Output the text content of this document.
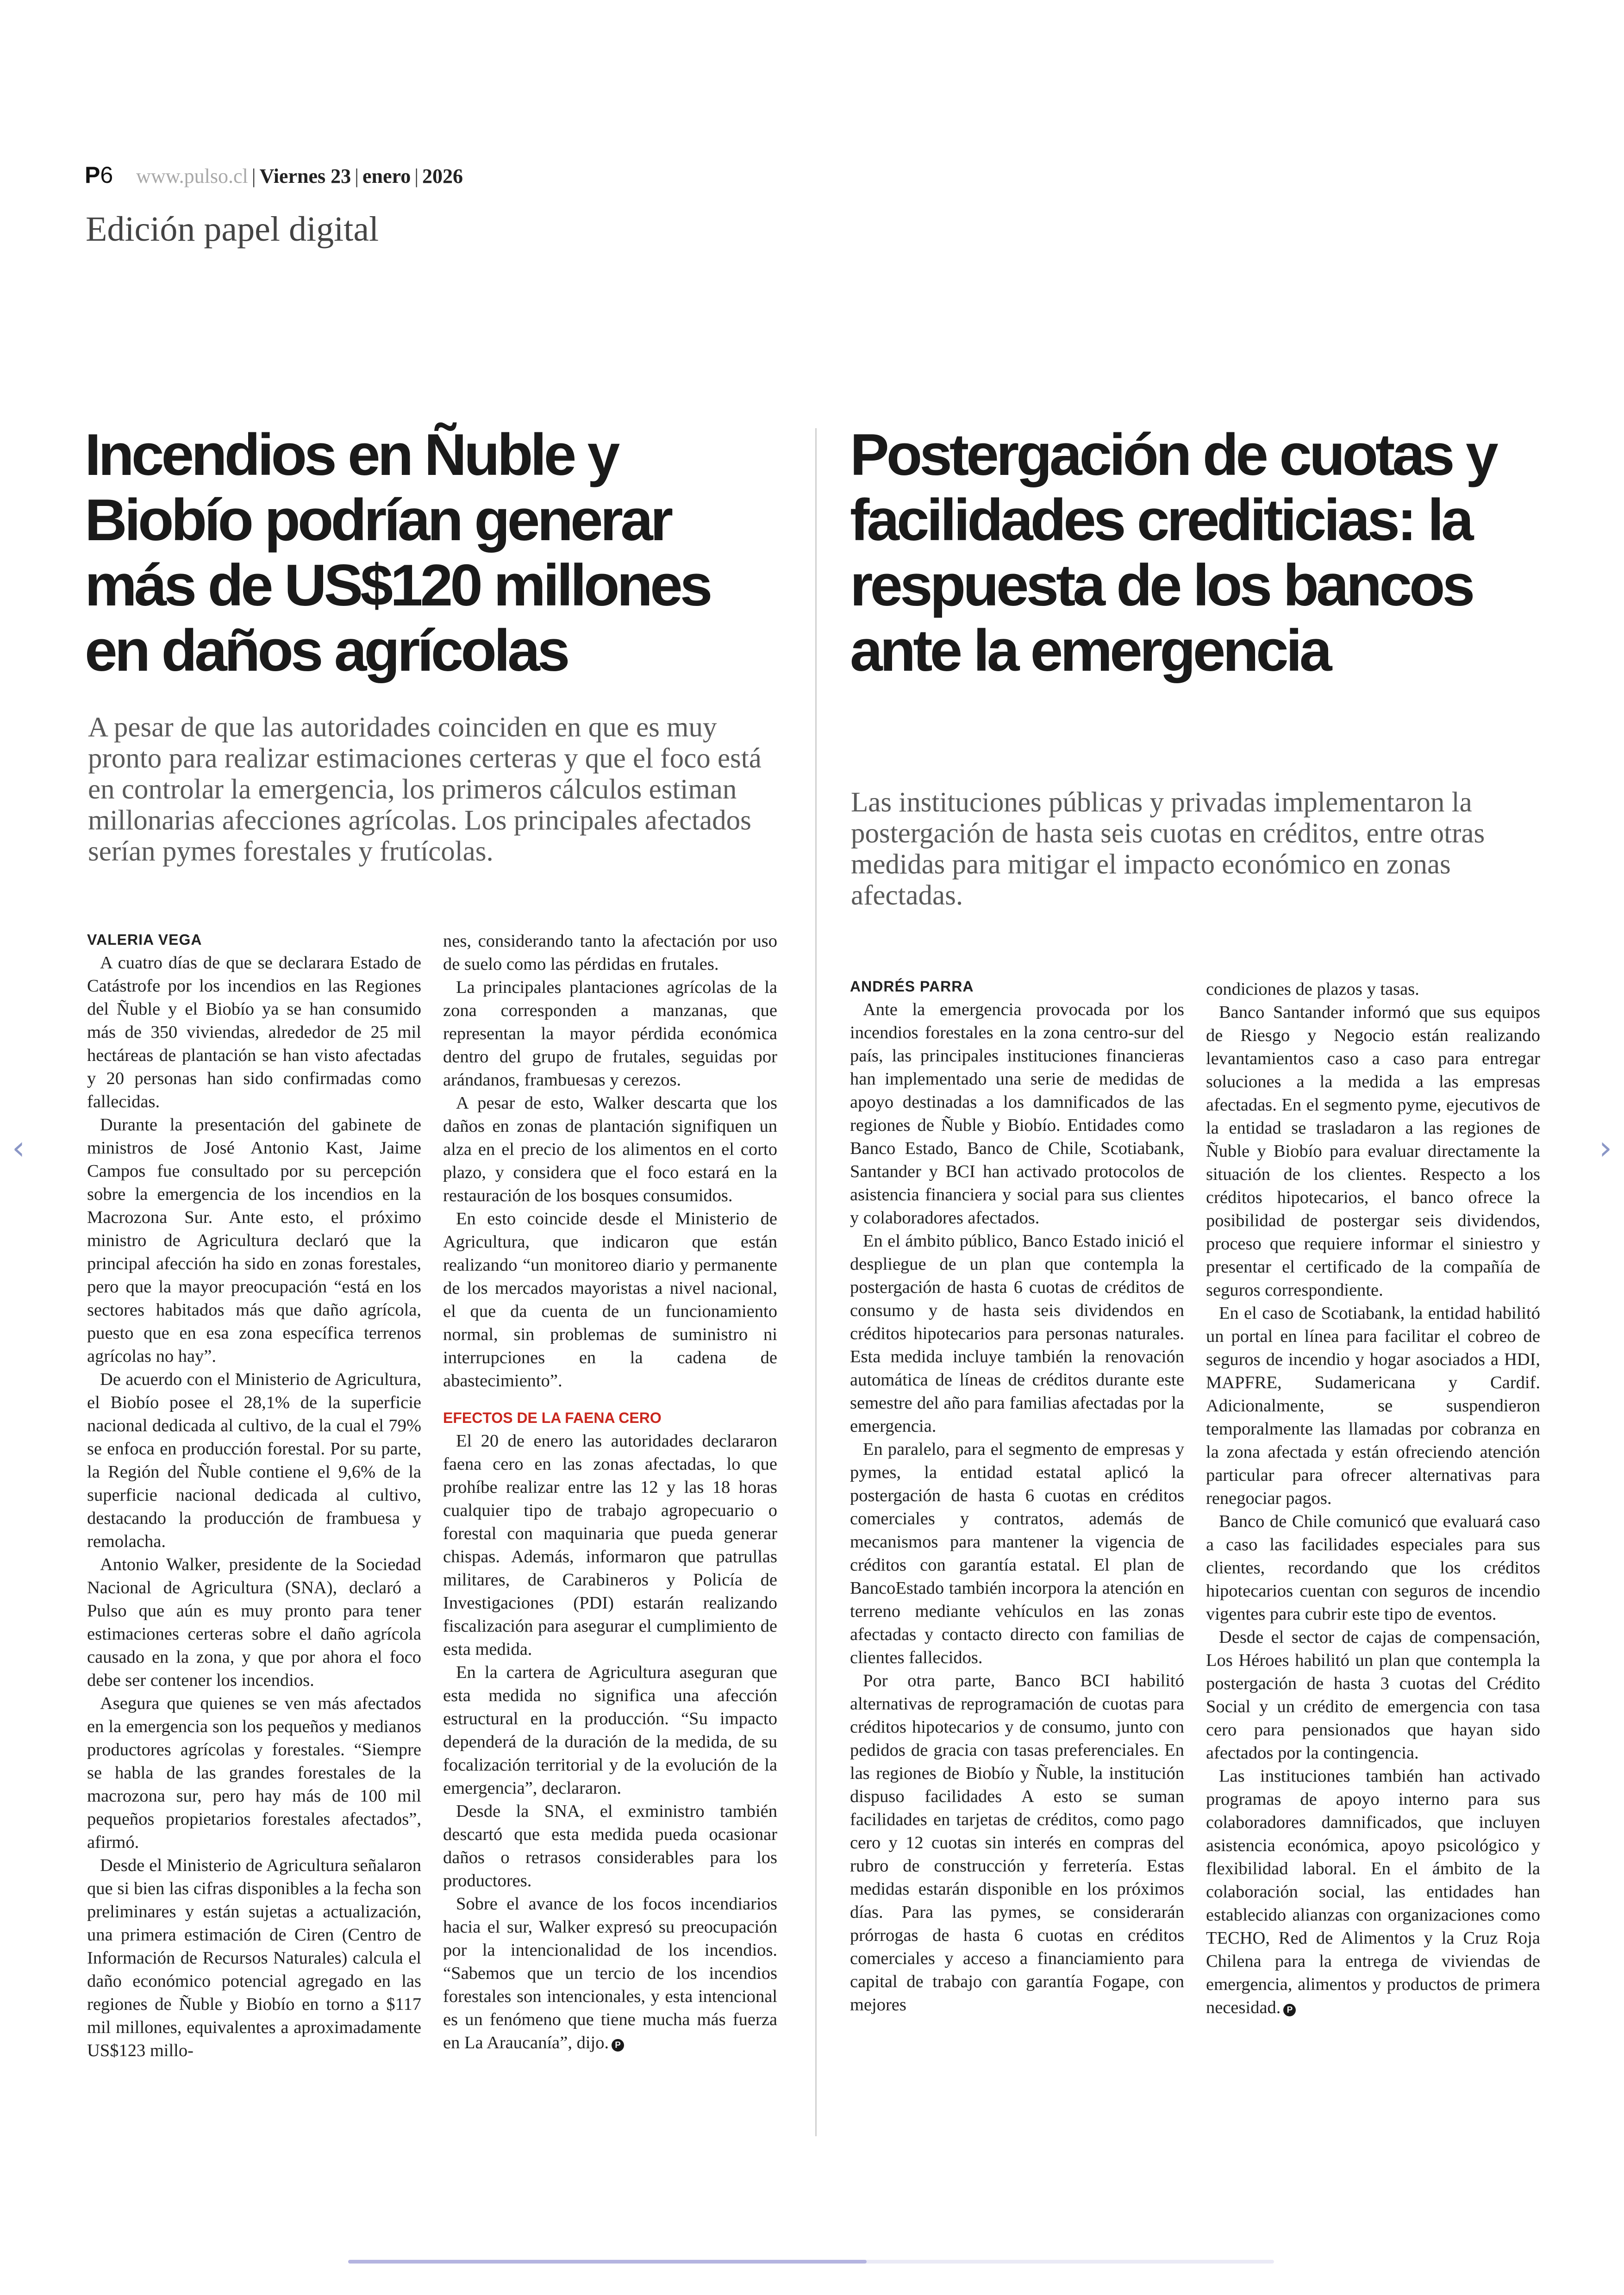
P6 www.pulso.cl | Viernes 23 | enero | 2026
Edición papel digital
Incendios en Ñuble y Biobío podrían generar más de US$120 millones en daños agrícolas
A pesar de que las autoridades coinciden en que es muy pronto para realizar estimaciones certeras y que el foco está en controlar la emergencia, los primeros cálculos estiman millonarias afecciones agrícolas. Los principales afectados serían pymes forestales y frutícolas.
Postergación de cuotas y facilidades crediticias: la respuesta de los bancos ante la emergencia
Las instituciones públicas y privadas implementaron la postergación de hasta seis cuotas en créditos, entre otras medidas para mitigar el impacto económico en zonas afectadas.
VALERIA VEGA

A cuatro días de que se declarara Estado de Catástrofe por los incendios en las Regiones del Ñuble y el Biobío ya se han consumido más de 350 viviendas, alrededor de 25 mil hectáreas de plantación se han visto afectadas y 20 personas han sido confirmadas como fallecidas.

Durante la presentación del gabinete de ministros de José Antonio Kast, Jaime Campos fue consultado por su percepción sobre la emergencia de los incendios en la Macrozona Sur. Ante esto, el próximo ministro de Agricultura declaró que la principal afección ha sido en zonas forestales, pero que la mayor preocupación “está en los sectores habitados más que daño agrícola, puesto que en esa zona específica terrenos agrícolas no hay”.

De acuerdo con el Ministerio de Agricultura, el Biobío posee el 28,1% de la superficie nacional dedicada al cultivo, de la cual el 79% se enfoca en producción forestal. Por su parte, la Región del Ñuble contiene el 9,6% de la superficie nacional dedicada al cultivo, destacando la producción de frambuesa y remolacha.

Antonio Walker, presidente de la Sociedad Nacional de Agricultura (SNA), declaró a Pulso que aún es muy pronto para tener estimaciones certeras sobre el daño agrícola causado en la zona, y que por ahora el foco debe ser contener los incendios.

Asegura que quienes se ven más afectados en la emergencia son los pequeños y medianos productores agrícolas y forestales. “Siempre se habla de las grandes forestales de la macrozona sur, pero hay más de 100 mil pequeños propietarios forestales afectados”, afirmó.

Desde el Ministerio de Agricultura señalaron que si bien las cifras disponibles a la fecha son preliminares y están sujetas a actualización, una primera estimación de Ciren (Centro de Información de Recursos Naturales) calcula el daño económico potencial agregado en las regiones de Ñuble y Biobío en torno a $117 mil millones, equivalentes a aproximadamente US$123 millo-

nes, considerando tanto la afectación por uso de suelo como las pérdidas en frutales.

La principales plantaciones agrícolas de la zona corresponden a manzanas, que representan la mayor pérdida económica dentro del grupo de frutales, seguidas por arándanos, frambuesas y cerezos.

A pesar de esto, Walker descarta que los daños en zonas de plantación signifiquen un alza en el precio de los alimentos en el corto plazo, y considera que el foco estará en la restauración de los bosques consumidos.

En esto coincide desde el Ministerio de Agricultura, que indicaron que están realizando “un monitoreo diario y permanente de los mercados mayoristas a nivel nacional, el que da cuenta de un funcionamiento normal, sin problemas de suministro ni interrupciones en la cadena de abastecimiento”.

EFECTOS DE LA FAENA CERO

El 20 de enero las autoridades declararon faena cero en las zonas afectadas, lo que prohíbe realizar entre las 12 y las 18 horas cualquier tipo de trabajo agropecuario o forestal con maquinaria que pueda generar chispas. Además, informaron que patrullas militares, de Carabineros y Policía de Investigaciones (PDI) estarán realizando fiscalización para asegurar el cumplimiento de esta medida.

En la cartera de Agricultura aseguran que esta medida no significa una afección estructural en la producción. “Su impacto dependerá de la duración de la medida, de su focalización territorial y de la evolución de la emergencia”, declararon.

Desde la SNA, el exministro también descartó que esta medida pueda ocasionar daños o retrasos considerables para los productores.

Sobre el avance de los focos incendiarios hacia el sur, Walker expresó su preocupación por la intencionalidad de los incendios. “Sabemos que un tercio de los incendios forestales son intencionales, y esta intencional es un fenómeno que tiene mucha más fuerza en La Araucanía”, dijo. P

ANDRÉS PARRA

Ante la emergencia provocada por los incendios forestales en la zona centro-sur del país, las principales instituciones financieras han implementado una serie de medidas de apoyo destinadas a los damnificados de las regiones de Ñuble y Biobío. Entidades como Banco Estado, Banco de Chile, Scotiabank, Santander y BCI han activado protocolos de asistencia financiera y social para sus clientes y colaboradores afectados.

En el ámbito público, Banco Estado inició el despliegue de un plan que contempla la postergación de hasta 6 cuotas de créditos de consumo y de hasta seis dividendos en créditos hipotecarios para personas naturales. Esta medida incluye también la renovación automática de líneas de créditos durante este semestre del año para familias afectadas por la emergencia.

En paralelo, para el segmento de empresas y pymes, la entidad estatal aplicó la postergación de hasta 6 cuotas en créditos comerciales y contratos, además de mecanismos para mantener la vigencia de créditos con garantía estatal. El plan de BancoEstado también incorpora la atención en terreno mediante vehículos en las zonas afectadas y contacto directo con familias de clientes fallecidos.

Por otra parte, Banco BCI habilitó alternativas de reprogramación de cuotas para créditos hipotecarios y de consumo, junto con pedidos de gracia con tasas preferenciales. En las regiones de Biobío y Ñuble, la institución dispuso facilidades A esto se suman facilidades en tarjetas de créditos, como pago cero y 12 cuotas sin interés en compras del rubro de construcción y ferretería. Estas medidas estarán disponible en los próximos días. Para las pymes, se considerarán prórrogas de hasta 6 cuotas en créditos comerciales y acceso a financiamiento para capital de trabajo con garantía Fogape, con mejores

condiciones de plazos y tasas.

Banco Santander informó que sus equipos de Riesgo y Negocio están realizando levantamientos caso a caso para entregar soluciones a la medida a las empresas afectadas. En el segmento pyme, ejecutivos de la entidad se trasladaron a las regiones de Ñuble y Biobío para evaluar directamente la situación de los clientes. Respecto a los créditos hipotecarios, el banco ofrece la posibilidad de postergar seis dividendos, proceso que requiere informar el siniestro y presentar el certificado de la compañía de seguros correspondiente.

En el caso de Scotiabank, la entidad habilitó un portal en línea para facilitar el cobreo de seguros de incendio y hogar asociados a HDI, MAPFRE, Sudamericana y Cardif. Adicionalmente, se suspendieron temporalmente las llamadas por cobranza en la zona afectada y están ofreciendo atención particular para ofrecer alternativas para renegociar pagos.

Banco de Chile comunicó que evaluará caso a caso las facilidades especiales para sus clientes, recordando que los créditos hipotecarios cuentan con seguros de incendio vigentes para cubrir este tipo de eventos.

Desde el sector de cajas de compensación, Los Héroes habilitó un plan que contempla la postergación de hasta 3 cuotas del Crédito Social y un crédito de emergencia con tasa cero para pensionados que hayan sido afectados por la contingencia.

Las instituciones también han activado programas de apoyo interno para sus colaboradores damnificados, que incluyen asistencia económica, apoyo psicológico y flexibilidad laboral. En el ámbito de la colaboración social, las entidades han establecido alianzas con organizaciones como TECHO, Red de Alimentos y la Cruz Roja Chilena para la entrega de viviendas de emergencia, alimentos y productos de primera necesidad. P

‹	›
